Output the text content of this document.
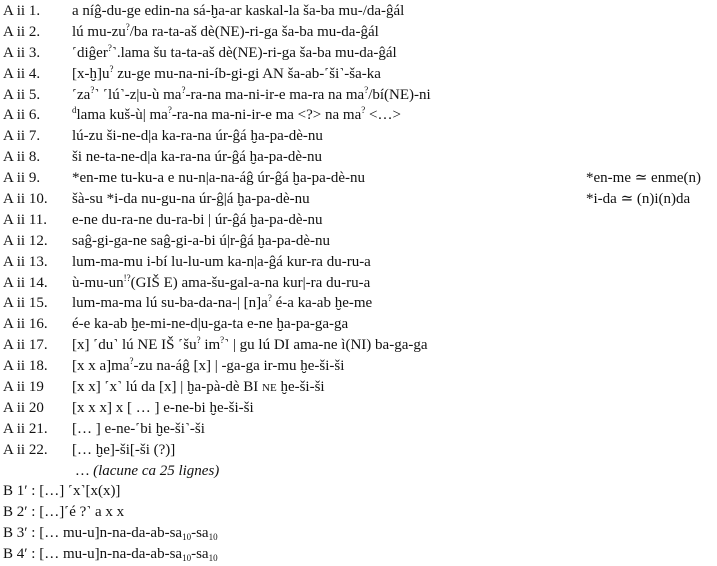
A ii 1. a níĝ-du-ge edin-na sá-ḫa-ar kaskal-la ša-ba mu-/da-ĝál
A ii 2. lú mu-zu?/ba ra-ta-aš dè(NE)-ri-ga ša-ba mu-da-ĝál
A ii 3. ˹diĝer?˺.lama šu ta-ta-aš dè(NE)-ri-ga ša-ba mu-da-ĝál
A ii 4. [x-ḫ]u? zu-ge mu-na-ni-íb-gi-gi AN ša-ab-˹ši˺-ša-ka
A ii 5. ˹za?˺ ˹lú˺-z|u-ù ma?-ra-na ma-ni-ir-e ma-ra na ma?/bí(NE)-ni
A ii 6.	$^d$lama kuš-ù| ma?-ra-na ma-ni-ir-e ma <?> na ma? <…>
A ii 7. lú-zu ši-ne-d|a ka-ra-na úr-ĝá ḫa-pa-dè-nu
A ii 8. ši ne-ta-ne-d|a ka-ra-na úr-ĝá ḫa-pa-dè-nu
A ii 9. *en-me tu-ku-a e nu-n|a-na-áĝ úr-ĝá ḫa-pa-dè-nu	*en-me ≃ enme(n)
A ii 10. šà-su *i-da nu-gu-na úr-ĝ|á ḫa-pa-dè-nu	*i-da ≃ (n)i(n)da
A ii 11. e-ne du-ra-ne du-ra-bi | úr-ĝá ḫa-pa-dè-nu
A ii 12. saĝ-gi-ga-ne saĝ-gi-a-bi ú|r-ĝá ḫa-pa-dè-nu
A ii 13. lum-ma-mu i-bí lu-lu-um ka-n|a-ĝá kur-ra du-ru-a
A ii 14. ù-mu-un!?(GIŠ E) ama-šu-gal-a-na kur|-ra du-ru-a
A ii 15. lum-ma-ma lú su-ba-da-na-| [n]a? é-a ka-ab ḫe-me
A ii 16. é-e ka-ab ḫe-mi-ne-d|u-ga-ta e-ne ḫa-pa-ga-ga
A ii 17. [x] ˹du˺ lú NE IŠ ˹šu? im?˺ | gu lú DI ama-ne ì(NI) ba-ga-ga
A ii 18. [x x a]ma?-zu na-áĝ [x] | -ga-ga ir-mu ḫe-ši-ši
A ii 19 [x x] ˹x˺ lú da [x] | ḫa-pà-dè BI NE ḫe-ši-ši
A ii 20 [x x x] x [ … ] e-ne-bi ḫe-ši-ši
A ii 21. [… ] e-ne-˹bi ḫe-ši˺-ši
A ii 22. [… ḫe]-ši[-ši (?)]
… (lacune ca 25 lignes)
B 1′ : […] ˹x˺[x(x)]
B 2′ : […]˹é ?˺ a x x
B 3′ : [… $mu-u]n-na-da-ab-sa_{10}-sa_{10}$
B 4′ : [… $mu-u]n-na-da-ab-sa_{10}-sa_{10}$
